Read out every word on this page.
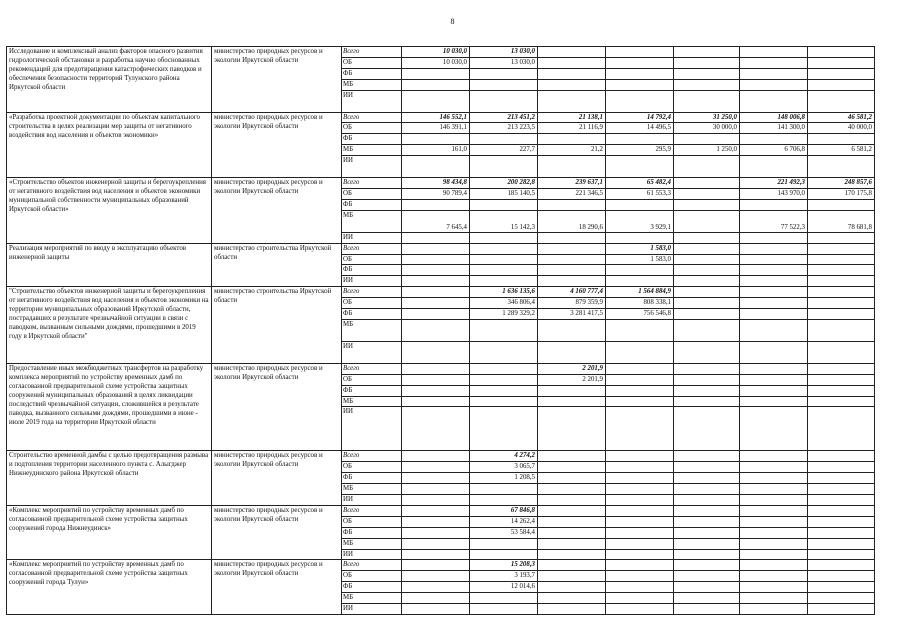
8
Исследование и комплексный анализ факторов опасного развития гидрологической обстановки и разработка научно обоснованных рекомендаций для предотвращения катастрофических паводков и обеспечения безопасности территорий Тулунского района Иркутской области	министерство природных ресурсов и экологии Иркутской области	Всего	10 030,0	13 030,0					
		ОБ	10 030,0	13 030,0					
		ФБ							
		МБ							
		ИИ							
«Разработка проектной документации по объектам капитального строительства в целях реализации мер защиты от негативного воздействия вод населения и объектов экономики»	министерство природных ресурсов и экологии Иркутской области	Всего	146 552,1	213 451,2	21 138,1	14 792,4	31 250,0	148 006,8	46 581,2
		ОБ	146 391,1	213 223,5	21 116,9	14 496,5	30 000,0	141 300,0	40 000,0
		ФБ							
		МБ	161,0	227,7	21,2	295,9	1 250,0	6 706,8	6 581,2
		ИИ							
«Строительство объектов инженерной защиты и берегоукрепления от негативного воздействия вод населения и объектов экономики муниципальной собственности муниципальных образований Иркутской области»	министерство природных ресурсов и экологии Иркутской области	Всего	98 434,8	200 282,8	239 637,1	65 482,4		221 492,3	248 857,6
		ОБ	90 789,4	185 140,5	221 346,5	61 553,3		143 970,0	170 175,8
		ФБ							
		МБ	7 645,4	15 142,3	18 290,6	3 929,1		77 522,3	78 681,8
		ИИ							
Реализация мероприятий по вводу в эксплуатацию объектов инженерной защиты	министерство строительства Иркутской области	Всего				1 583,0			
		ОБ				1 583,0			
		ФБ							
		ИИ							
"Строительство объектов инженерной защиты и берегоукрепления от негативного воздействия вод населения и объектов экономики на территории муниципальных образований Иркутской области, пострадавших в результате чрезвычайной ситуации в связи с паводком, вызванным сильными дождями, прошедшими в 2019 году в Иркутской области"	министерство строительства Иркутской области	Всего		1 636 135,6	4 160 777,4	1 564 884,9			
		ОБ		346 806,4	879 359,9	808 338,1			
		ФБ		1 289 329,2	3 281 417,5	756 546,8			
		МБ							
		ИИ							
Предоставление иных межбюджетных трансфертов на разработку комплекса мероприятий по устройству временных дамб по согласованной предварительной схеме устройства защитных сооружений муниципальных образований в целях ликвидации последствий чрезвычайной ситуации, сложившейся в результате паводка, вызванного сильными дождями, прошедшими в июне - июле 2019 года на территории Иркутской области	министерство природных ресурсов и экологии Иркутской области	Всего			2 201,9				
		ОБ			2 201,9				
		ФБ							
		МБ							
		ИИ							
Строительство временной дамбы с целью предотвращения размыва и подтопления территории населенного пункта с. Алыгджер Нижнеудинского района Иркутской области	министерство природных ресурсов и экологии Иркутской области	Всего		4 274,2					
		ОБ		3 065,7					
		ФБ		1 208,5					
		МБ							
		ИИ							
«Комплекс мероприятий по устройству временных дамб по согласованной предварительной схеме устройства защитных сооружений города Нижнеудинск»	министерство природных ресурсов и экологии Иркутской области	Всего		67 846,8					
		ОБ		14 262,4					
		ФБ		53 584,4					
		МБ							
		ИИ							
«Комплекс мероприятий по устройству временных дамб по согласованной предварительной схеме устройства защитных сооружений города Тулун»	министерство природных ресурсов и экологии Иркутской области	Всего		15 208,3					
		ОБ		3 193,7					
		ФБ		12 014,6					
		МБ							
		ИИ							
